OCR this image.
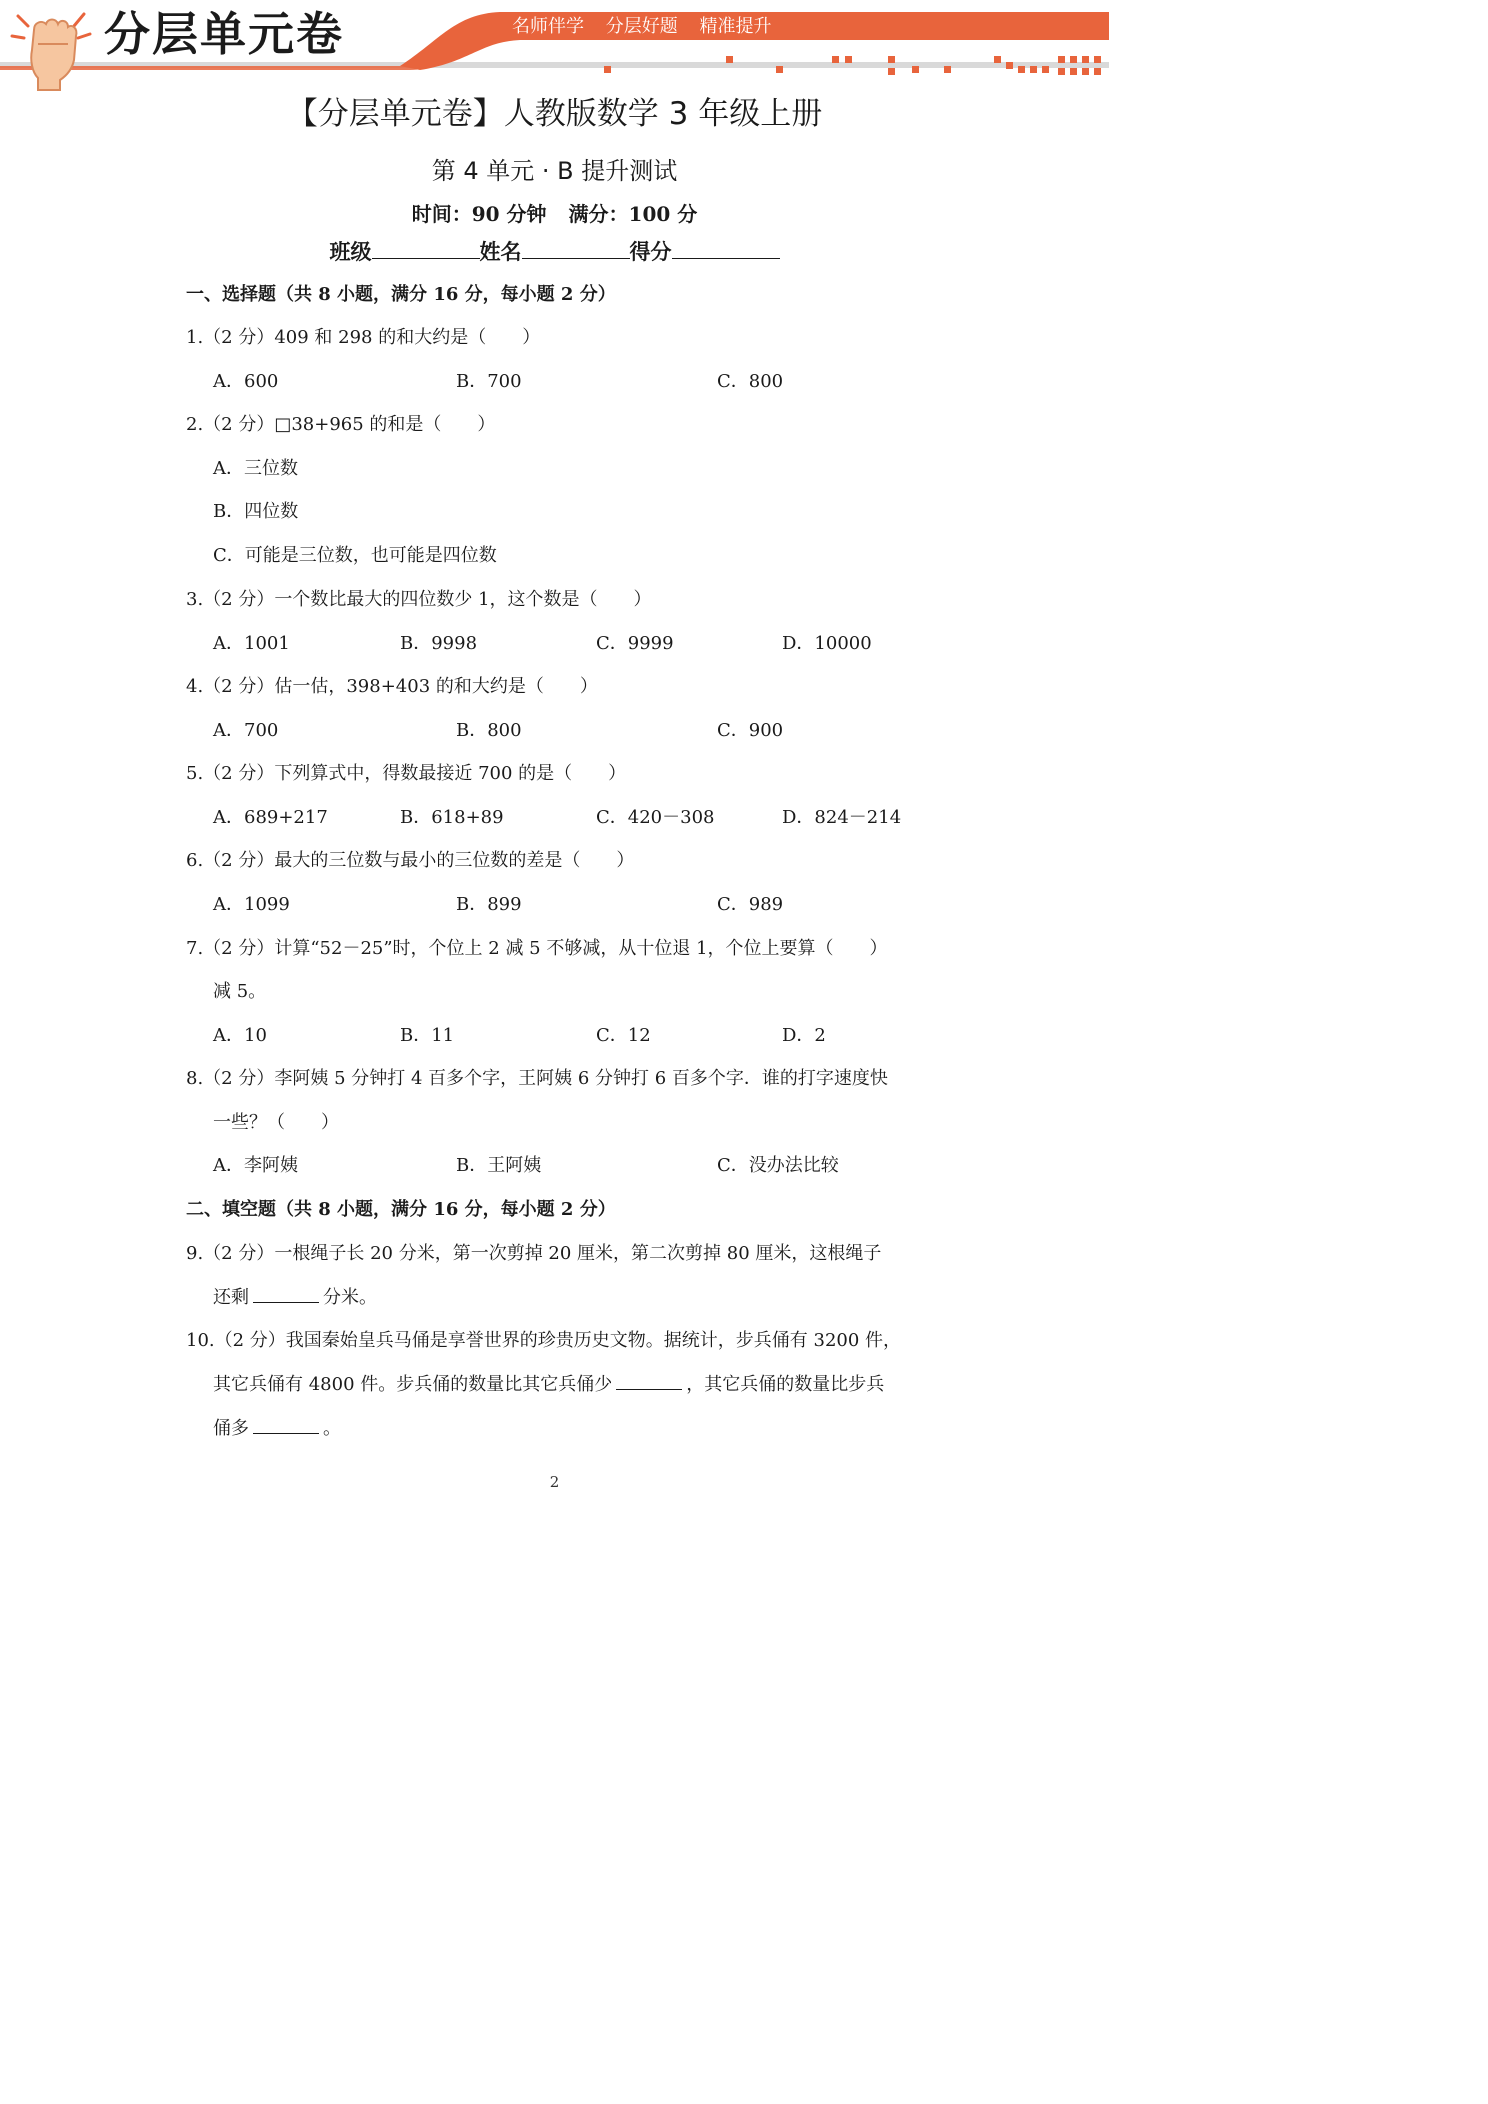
分层单元卷	名师伴学 分层好题 精准提升
【分层单元卷】人教版数学 3 年级上册
第 4 单元 · B 提升测试
时间：90 分钟 满分：100 分
班级	姓名	得分
一、选择题（共 8 小题，满分 16 分，每小题 2 分）
1.（2 分）409 和 298 的和大约是（　　）
A．600	B．700	C．800
2.（2 分）□38+965 的和是（　　）
A．三位数
B．四位数
C．可能是三位数，也可能是四位数
3.（2 分）一个数比最大的四位数少 1，这个数是（　　）
A．1001	B．9998	C．9999	D．10000
4.（2 分）估一估，398+403 的和大约是（　　）
A．700	B．800	C．900
5.（2 分）下列算式中，得数最接近 700 的是（　　）
A．689+217	B．618+89	C．420－308	D．824－214
6.（2 分）最大的三位数与最小的三位数的差是（　　）
A．1099	B．899	C．989
7.（2 分）计算“52－25”时，个位上 2 减 5 不够减，从十位退 1，个位上要算（　　）
减 5。
A．10	B．11	C．12	D．2
8.（2 分）李阿姨 5 分钟打 4 百多个字，王阿姨 6 分钟打 6 百多个字．谁的打字速度快
一些？（　　）
A．李阿姨	B．王阿姨	C．没办法比较
二、填空题（共 8 小题，满分 16 分，每小题 2 分）
9.（2 分）一根绳子长 20 分米，第一次剪掉 20 厘米，第二次剪掉 80 厘米，这根绳子
还剩	分米。
10.（2 分）我国秦始皇兵马俑是享誉世界的珍贵历史文物。据统计，步兵俑有 3200 件，
其它兵俑有 4800 件。步兵俑的数量比其它兵俑少	，其它兵俑的数量比步兵
俑多	。
2
